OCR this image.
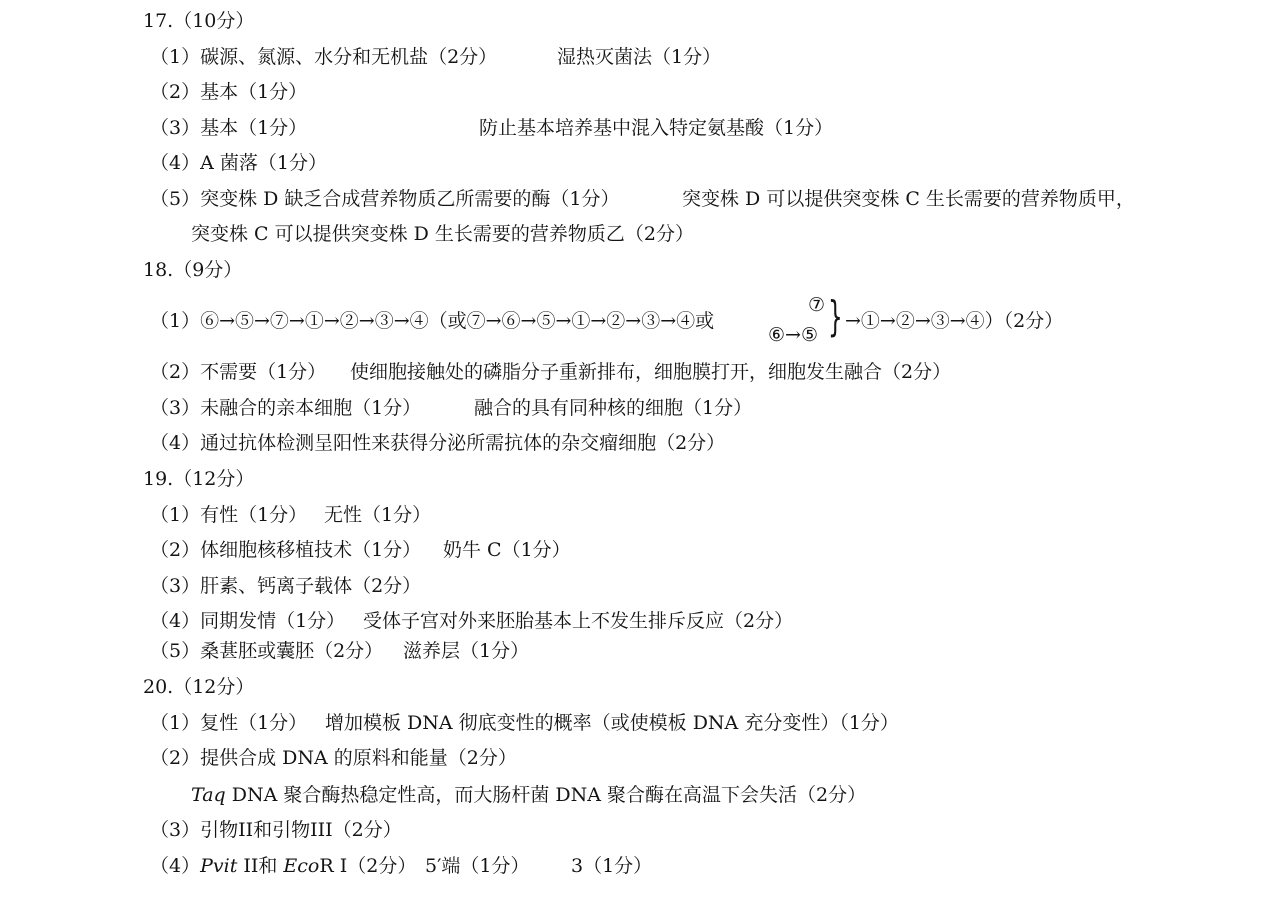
17.（10分）
（1）碳源、氮源、水分和无机盐（2分）	湿热灭菌法（1分）
（2）基本（1分）
（3）基本（1分）	防止基本培养基中混入特定氨基酸（1分）
（4）A 菌落（1分）
（5）突变株 D 缺乏合成营养物质乙所需要的酶（1分）	突变株 D 可以提供突变株 C 生长需要的营养物质甲，
突变株 C 可以提供突变株 D 生长需要的营养物质乙（2分）
18.（9分）
（1）⑥→⑤→⑦→①→②→③→④（或⑦→⑥→⑤→①→②→③→④或
⑦
⑥→⑤ } →①→②→③→④）（2分）
（2）不需要（1分） 使细胞接触处的磷脂分子重新排布，细胞膜打开，细胞发生融合（2分）
（3）未融合的亲本细胞（1分）	融合的具有同种核的细胞（1分）
（4）通过抗体检测呈阳性来获得分泌所需抗体的杂交瘤细胞（2分）
19.（12分）
（1）有性（1分） 无性（1分）
（2）体细胞核移植技术（1分） 奶牛 C（1分）
（3）肝素、钙离子载体（2分）
（4）同期发情（1分） 受体子宫对外来胚胎基本上不发生排斥反应（2分）
（5）桑葚胚或囊胚（2分） 滋养层（1分）
20.（12分）
（1）复性（1分） 增加模板 DNA 彻底变性的概率（或使模板 DNA 充分变性）（1分）
（2）提供合成 DNA 的原料和能量（2分）
Taq DNA 聚合酶热稳定性高，而大肠杆菌 DNA 聚合酶在高温下会失活（2分）
（3）引物II和引物III（2分）
（4）Pvit II和 EcoR I（2分） 5′端（1分） 3（1分）
